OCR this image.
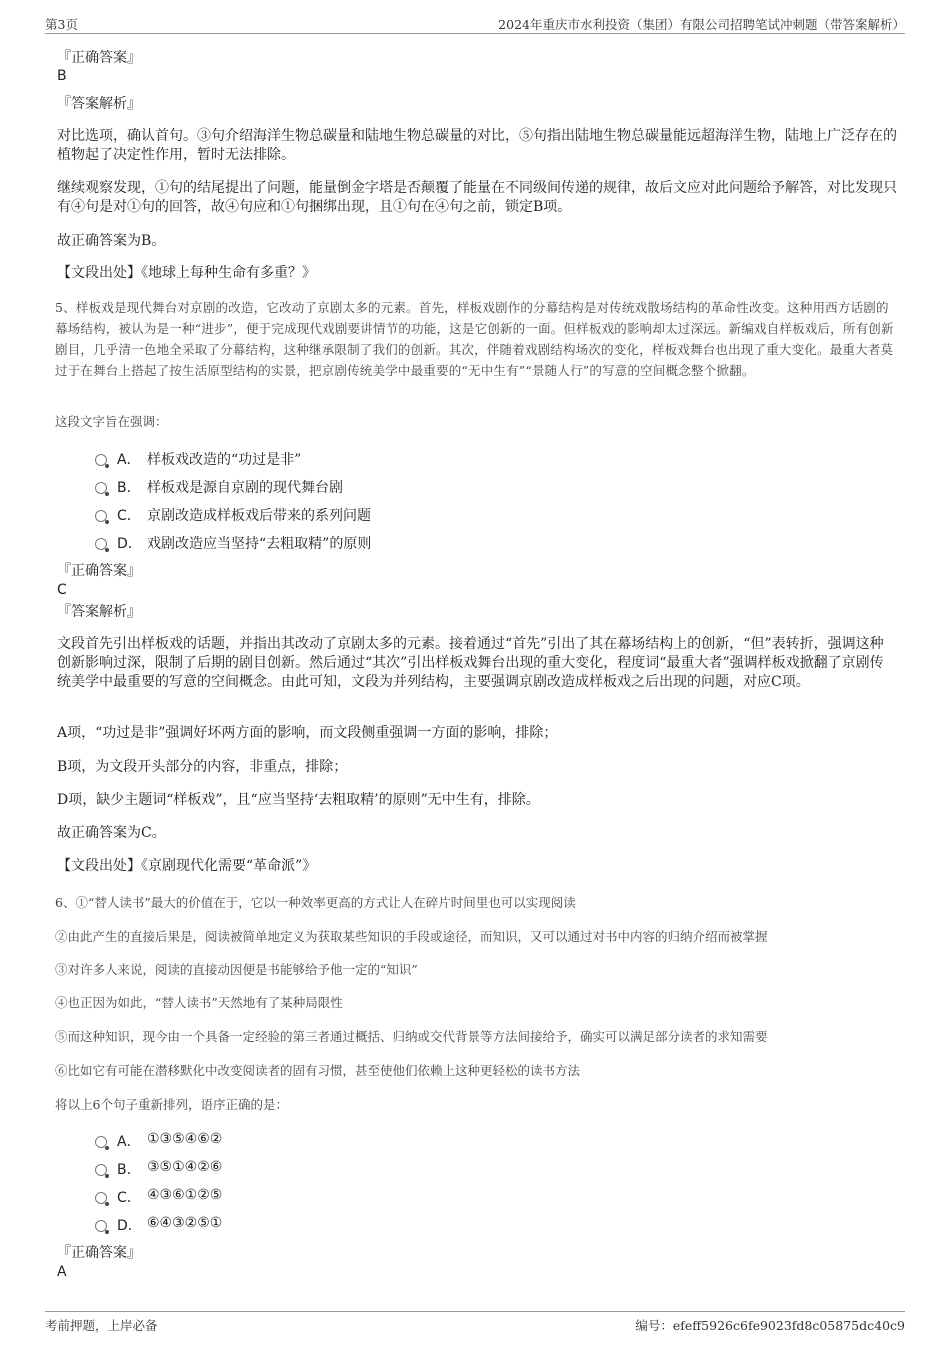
第3页	2024年重庆市水利投资（集团）有限公司招聘笔试冲刺题（带答案解析）
『正确答案』
B
『答案解析』
对比选项，确认首句。③句介绍海洋生物总碳量和陆地生物总碳量的对比，⑤句指出陆地生物总碳量能远超海洋生物，陆地上广泛存在的植物起了决定性作用，暂时无法排除。
继续观察发现，①句的结尾提出了问题，能量倒金字塔是否颠覆了能量在不同级间传递的规律，故后文应对此问题给予解答，对比发现只有④句是对①句的回答，故④句应和①句捆绑出现，且①句在④句之前，锁定B项。
故正确答案为B。
【文段出处】《地球上每种生命有多重？》
5、样板戏是现代舞台对京剧的改造，它改动了京剧太多的元素。首先，样板戏剧作的分幕结构是对传统戏散场结构的革命性改变。这种用西方话剧的幕场结构，被认为是一种“进步”，便于完成现代戏剧要讲情节的功能，这是它创新的一面。但样板戏的影响却太过深远。新编戏自样板戏后，所有创新剧目，几乎清一色地全采取了分幕结构，这种继承限制了我们的创新。其次，伴随着戏剧结构场次的变化，样板戏舞台也出现了重大变化。最重大者莫过于在舞台上搭起了按生活原型结构的实景，把京剧传统美学中最重要的“无中生有”“景随人行”的写意的空间概念整个掀翻。
这段文字旨在强调：
A． 样板戏改造的“功过是非”
B． 样板戏是源自京剧的现代舞台剧
C． 京剧改造成样板戏后带来的系列问题
D． 戏剧改造应当坚持“去粗取精”的原则
『正确答案』
C
『答案解析』
文段首先引出样板戏的话题，并指出其改动了京剧太多的元素。接着通过“首先”引出了其在幕场结构上的创新，“但”表转折，强调这种创新影响过深，限制了后期的剧目创新。然后通过“其次”引出样板戏舞台出现的重大变化，程度词“最重大者”强调样板戏掀翻了京剧传统美学中最重要的写意的空间概念。由此可知，文段为并列结构，主要强调京剧改造成样板戏之后出现的问题，对应C项。
A项，“功过是非”强调好坏两方面的影响，而文段侧重强调一方面的影响，排除；
B项，为文段开头部分的内容，非重点，排除；
D项，缺少主题词“样板戏”，且“应当坚持‘去粗取精’的原则”无中生有，排除。
故正确答案为C。
【文段出处】《京剧现代化需要“革命派”》
6、①“替人读书”最大的价值在于，它以一种效率更高的方式让人在碎片时间里也可以实现阅读
②由此产生的直接后果是，阅读被简单地定义为获取某些知识的手段或途径，而知识，又可以通过对书中内容的归纳介绍而被掌握
③对许多人来说，阅读的直接动因便是书能够给予他一定的“知识”
④也正因为如此，“替人读书”天然地有了某种局限性
⑤而这种知识，现今由一个具备一定经验的第三者通过概括、归纳或交代背景等方法间接给予，确实可以满足部分读者的求知需要
⑥比如它有可能在潜移默化中改变阅读者的固有习惯，甚至使他们依赖上这种更轻松的读书方法
将以上6个句子重新排列，语序正确的是：
A． ①③⑤④⑥②
B． ③⑤①④②⑥
C． ④③⑥①②⑤
D． ⑥④③②⑤①
『正确答案』
A
考前押题，上岸必备	编号：efeff5926c6fe9023fd8c05875dc40c9
